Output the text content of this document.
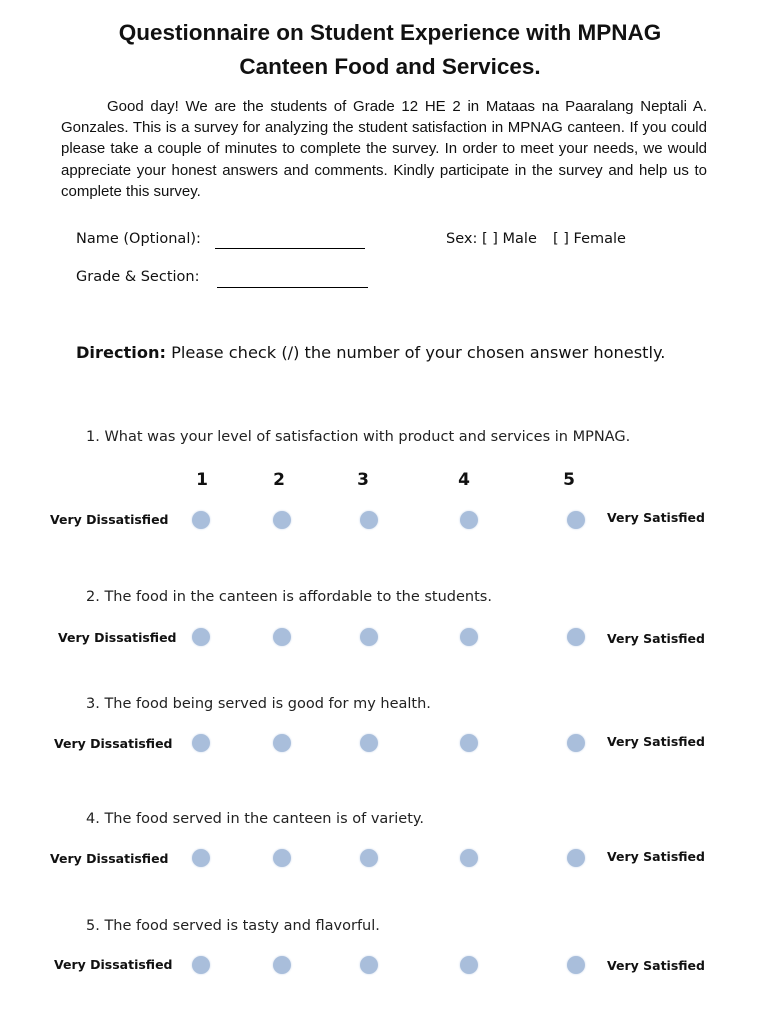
Questionnaire on Student Experience with MPNAG
Canteen Food and Services.
Good day! We are the students of Grade 12 HE 2 in Mataas na Paaralang Neptali A. Gonzales. This is a survey for analyzing the student satisfaction in MPNAG canteen. If you could please take a couple of minutes to complete the survey. In order to meet your needs, we would appreciate your honest answers and comments. Kindly participate in the survey and help us to complete this survey.
Name (Optional):	Sex: [ ] Male [ ] Female
Grade & Section:
Direction: Please check (/) the number of your chosen answer honestly.
1. What was your level of satisfaction with product and services in MPNAG.
1	2	3	4	5
Very Dissatisfied	Very Satisfied
2. The food in the canteen is affordable to the students.
Very Dissatisfied	Very Satisfied
3. The food being served is good for my health.
Very Dissatisfied	Very Satisfied
4. The food served in the canteen is of variety.
Very Dissatisfied	Very Satisfied
5. The food served is tasty and flavorful.
Very Dissatisfied	Very Satisfied
